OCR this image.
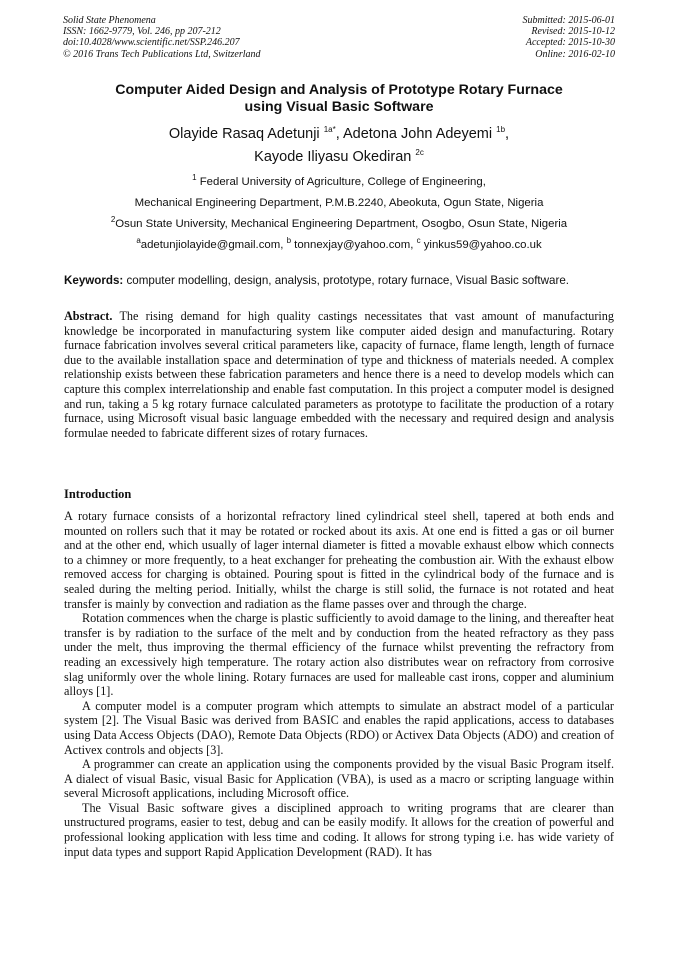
Solid State Phenomena
ISSN: 1662-9779, Vol. 246, pp 207-212
doi:10.4028/www.scientific.net/SSP.246.207
© 2016 Trans Tech Publications Ltd, Switzerland
Submitted: 2015-06-01
Revised: 2015-10-12
Accepted: 2015-10-30
Online: 2016-02-10
Computer Aided Design and Analysis of Prototype Rotary Furnace
using Visual Basic Software
Olayide Rasaq Adetunji $^{1a*}$, Adetona John Adeyemi $^{1b}$,
Kayode Iliyasu Okediran $^{2c}$
$^1$ Federal University of Agriculture, College of Engineering,
Mechanical Engineering Department, P.M.B.2240, Abeokuta, Ogun State, Nigeria
$^2$Osun State University, Mechanical Engineering Department, Osogbo, Osun State, Nigeria
$^a$adetunjiolayide@gmail.com, $^b$ tonnexjay@yahoo.com, $^c$ yinkus59@yahoo.co.uk
Keywords: computer modelling, design, analysis, prototype, rotary furnace, Visual Basic software.

Abstract. The rising demand for high quality castings necessitates that vast amount of manufacturing knowledge be incorporated in manufacturing system like computer aided design and manufacturing. Rotary furnace fabrication involves several critical parameters like, capacity of furnace, flame length, length of furnace due to the available installation space and determination of type and thickness of materials needed. A complex relationship exists between these fabrication parameters and hence there is a need to develop models which can capture this complex interrelationship and enable fast computation. In this project a computer model is designed and run, taking a 5 kg rotary furnace calculated parameters as prototype to facilitate the production of a rotary furnace, using Microsoft visual basic language embedded with the necessary and required design and analysis formulae needed to fabricate different sizes of rotary furnaces.

Introduction

A rotary furnace consists of a horizontal refractory lined cylindrical steel shell, tapered at both ends and mounted on rollers such that it may be rotated or rocked about its axis. At one end is fitted a gas or oil burner and at the other end, which usually of lager internal diameter is fitted a movable exhaust elbow which connects to a chimney or more frequently, to a heat exchanger for preheating the combustion air. With the exhaust elbow removed access for charging is obtained. Pouring spout is fitted in the cylindrical body of the furnace and is sealed during the melting period. Initially, whilst the charge is still solid, the furnace is not rotated and heat transfer is mainly by convection and radiation as the flame passes over and through the charge.

Rotation commences when the charge is plastic sufficiently to avoid damage to the lining, and thereafter heat transfer is by radiation to the surface of the melt and by conduction from the heated refractory as they pass under the melt, thus improving the thermal efficiency of the furnace whilst preventing the refractory from reading an excessively high temperature. The rotary action also distributes wear on refractory from corrosive slag uniformly over the whole lining. Rotary furnaces are used for malleable cast irons, copper and aluminium alloys [1].

A computer model is a computer program which attempts to simulate an abstract model of a particular system [2]. The Visual Basic was derived from BASIC and enables the rapid applications, access to databases using Data Access Objects (DAO), Remote Data Objects (RDO) or Activex Data Objects (ADO) and creation of Activex controls and objects [3].

A programmer can create an application using the components provided by the visual Basic Program itself. A dialect of visual Basic, visual Basic for Application (VBA), is used as a macro or scripting language within several Microsoft applications, including Microsoft office.

The Visual Basic software gives a disciplined approach to writing programs that are clearer than unstructured programs, easier to test, debug and can be easily modify. It allows for the creation of powerful and professional looking application with less time and coding. It allows for strong typing i.e. has wide variety of input data types and support Rapid Application Development (RAD). It has
